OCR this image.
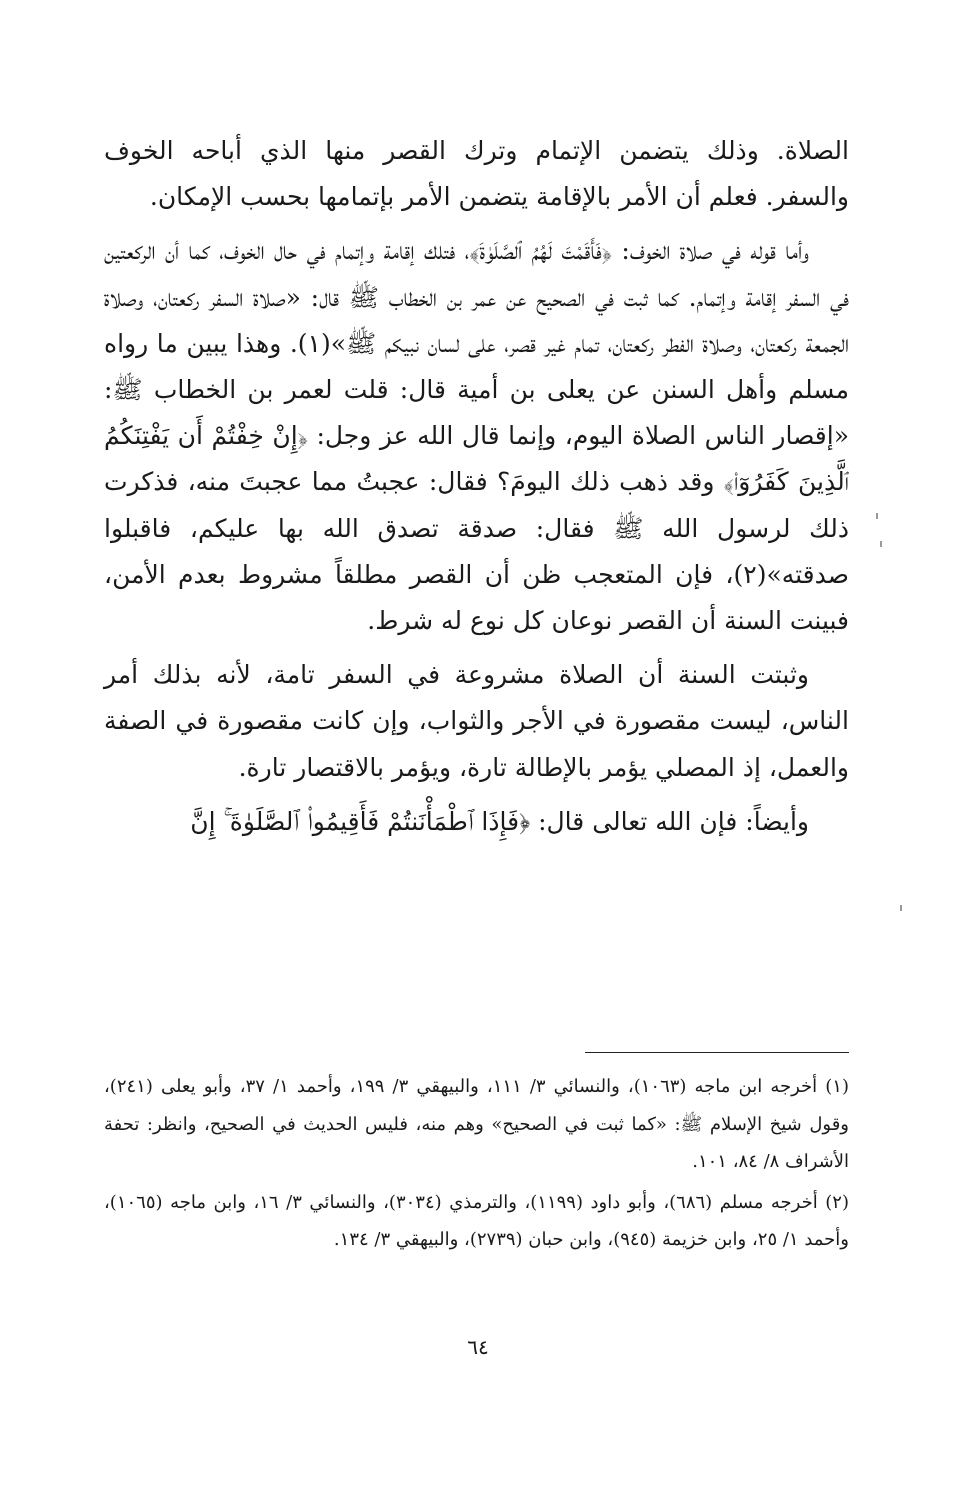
الصلاة. وذلك يتضمن الإتمام وترك القصر منها الذي أباحه الخوف والسفر. فعلم أن الأمر بالإقامة يتضمن الأمر بإتمامها بحسب الإمكان.

وأما قوله في صلاة الخوف: ﴿فَأَقَمْتَ لَهُمُ ٱلصَّلَوٰةَ﴾، فتلك إقامة وإتمام في حال الخوف، كما أن الركعتين في السفر إقامة وإتمام. كما ثبت في الصحيح عن عمر بن الخطاب ﷺ قال: «صلاة السفر ركعتان، وصلاة الجمعة ركعتان، وصلاة الفطر ركعتان، تمام غير قصر، على لسان نبيكم ﷺ»(١). وهذا يبين ما رواه مسلم وأهل السنن عن يعلى بن أمية قال: قلت لعمر بن الخطاب ﷺ: «إقصار الناس الصلاة اليوم، وإنما قال الله عز وجل: ﴿إِنْ خِفْتُمْ أَن يَفْتِنَكُمُ ٱلَّذِينَ كَفَرُوٓا۟﴾ وقد ذهب ذلك اليومَ؟ فقال: عجبتُ مما عجبتَ منه، فذكرت ذلك لرسول الله ﷺ فقال: صدقة تصدق الله بها عليكم، فاقبلوا صدقته»(٢)، فإن المتعجب ظن أن القصر مطلقاً مشروط بعدم الأمن، فبينت السنة أن القصر نوعان كل نوع له شرط.

وثبتت السنة أن الصلاة مشروعة في السفر تامة، لأنه بذلك أمر الناس، ليست مقصورة في الأجر والثواب، وإن كانت مقصورة في الصفة والعمل، إذ المصلي يؤمر بالإطالة تارة، ويؤمر بالاقتصار تارة.

وأيضاً: فإن الله تعالى قال: ﴿فَإِذَا ٱطْمَأْنَنتُمْ فَأَقِيمُوا۟ ٱلصَّلَوٰةَ ۚ إِنَّ

(١) أخرجه ابن ماجه (١٠٦٣)، والنسائي ٣/ ١١١، والبيهقي ٣/ ١٩٩، وأحمد ١/ ٣٧، وأبو يعلى (٢٤١)، وقول شيخ الإسلام ﷺ: «كما ثبت في الصحيح» وهم منه، فليس الحديث في الصحيح، وانظر: تحفة الأشراف ٨/ ٨٤، ١٠١.

(٢) أخرجه مسلم (٦٨٦)، وأبو داود (١١٩٩)، والترمذي (٣٠٣٤)، والنسائي ٣/ ١٦، وابن ماجه (١٠٦٥)، وأحمد ١/ ٢٥، وابن خزيمة (٩٤٥)، وابن حبان (٢٧٣٩)، والبيهقي ٣/ ١٣٤.

٦٤
